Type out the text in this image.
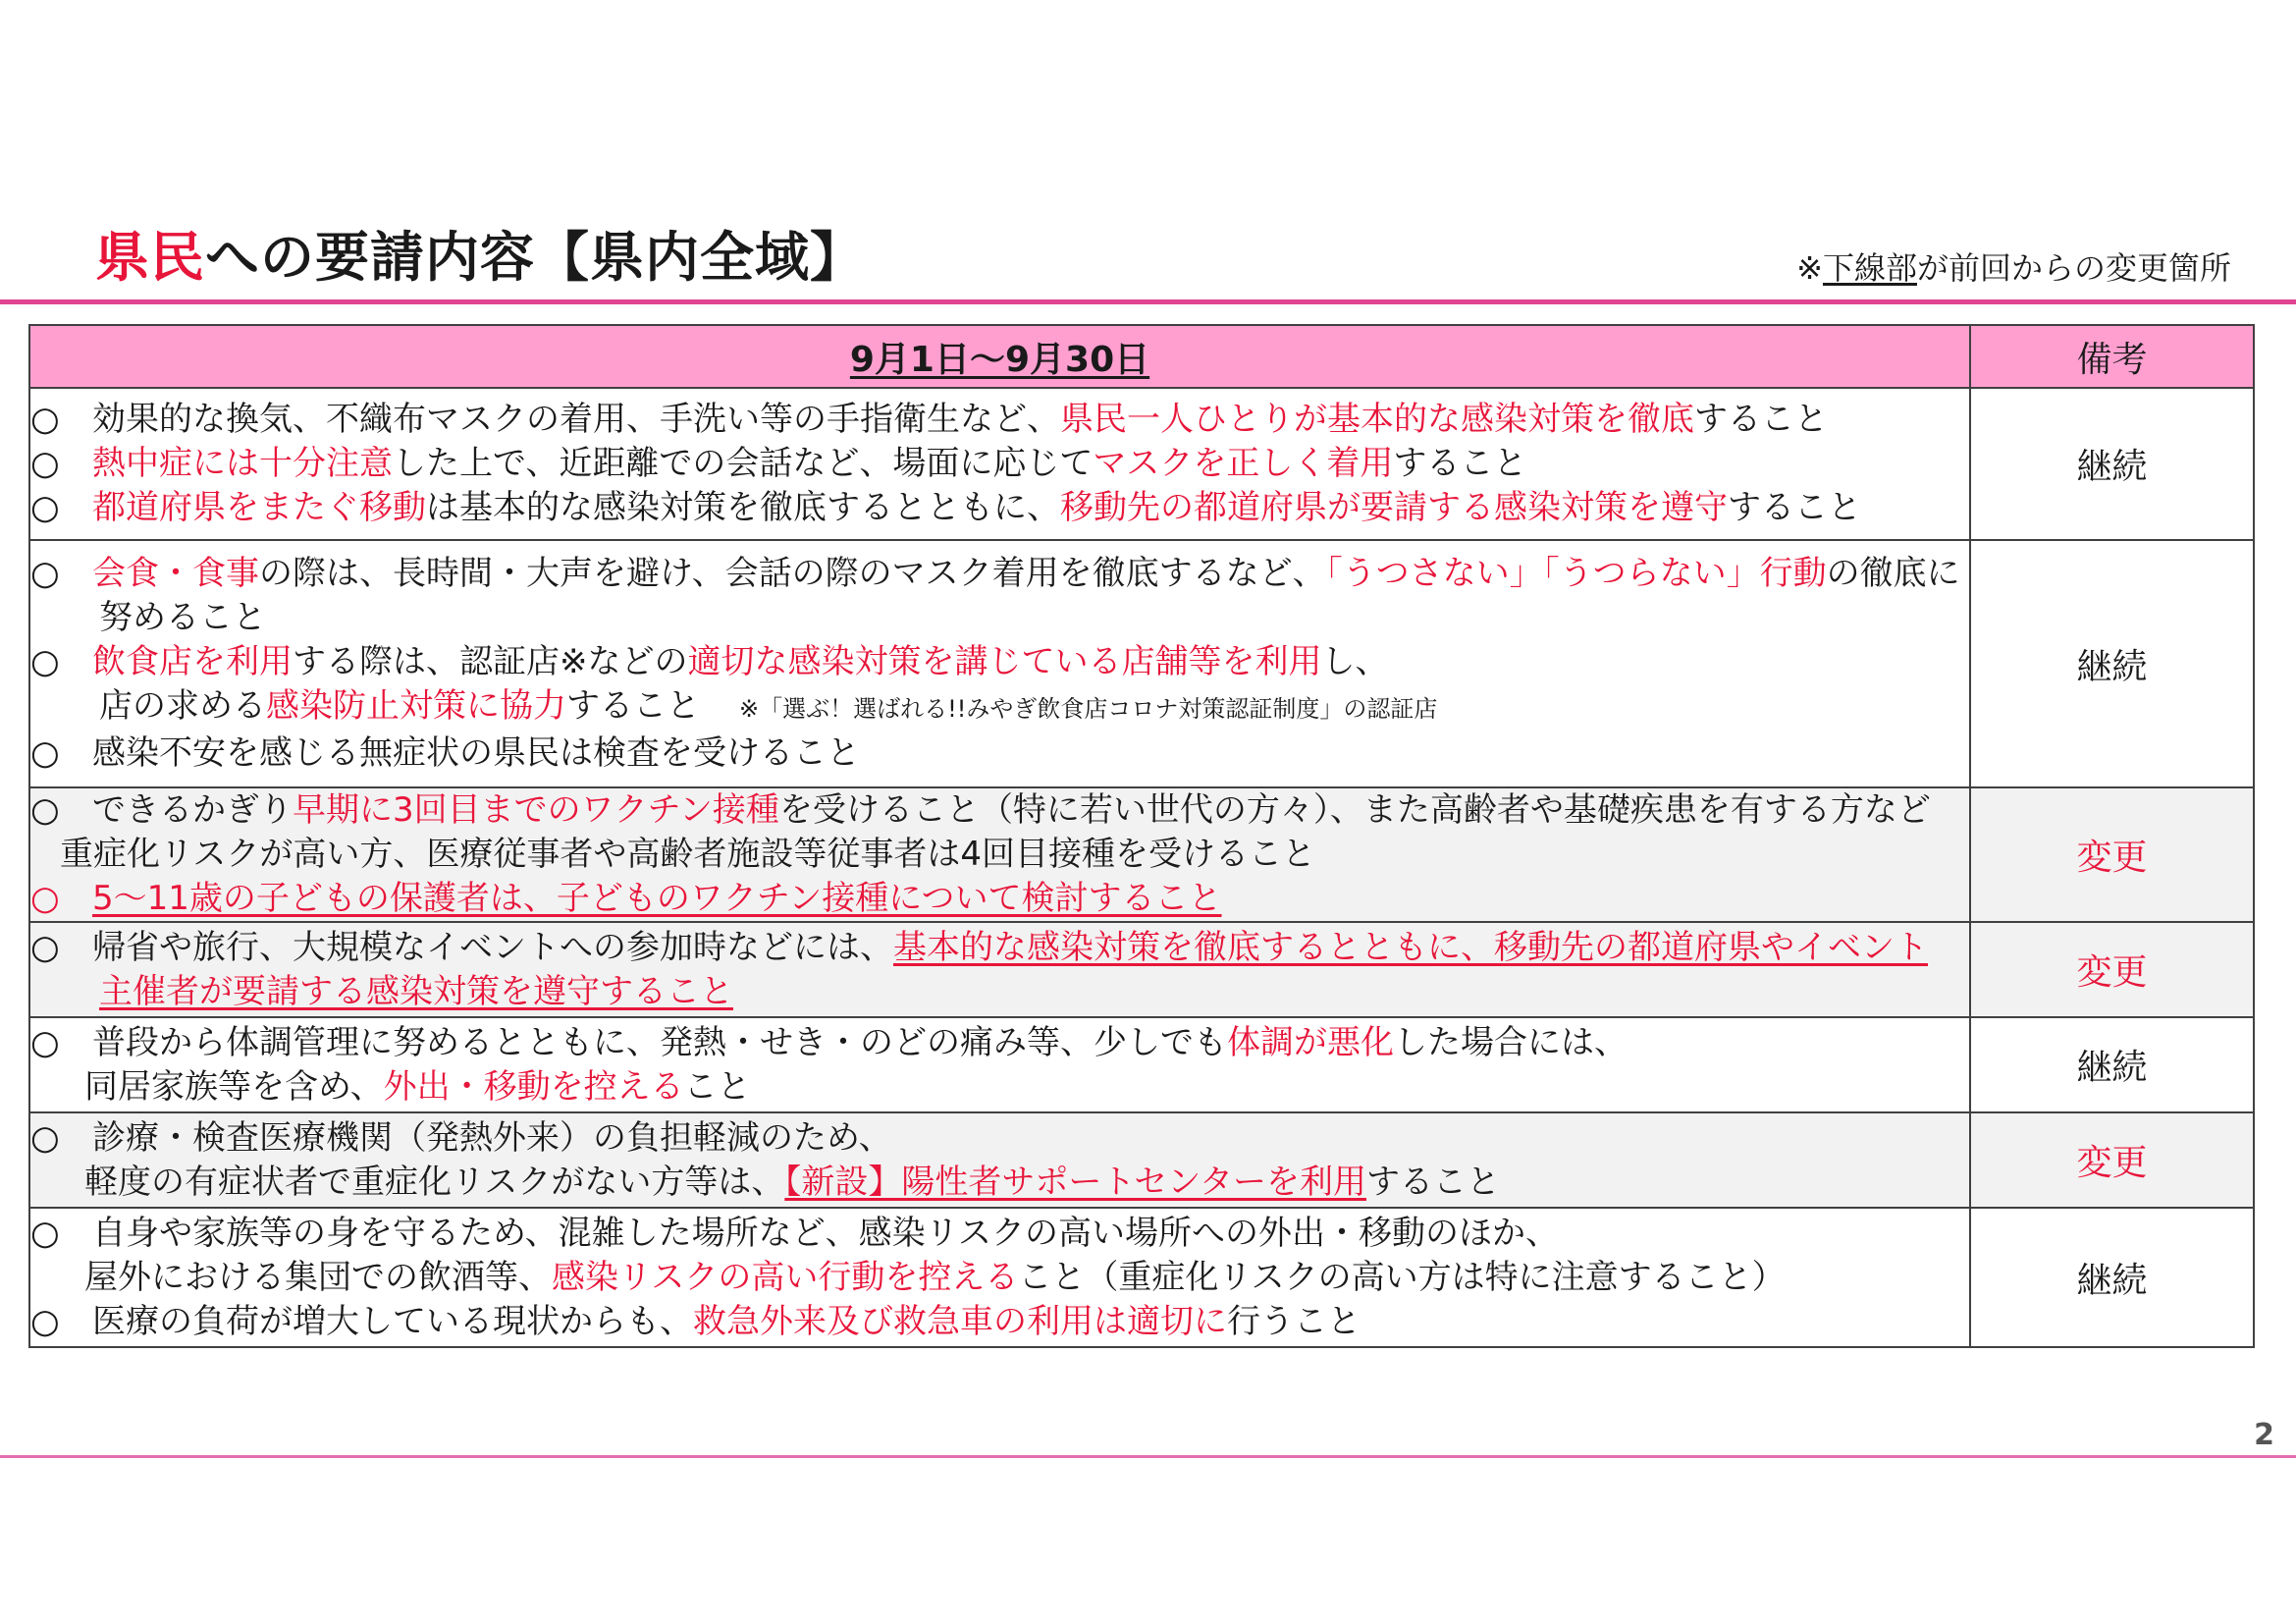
県民への要請内容【県内全域】	※下線部が前回からの変更箇所
9月1日～9月30日	備考

○ 効果的な換気、不織布マスクの着用、手洗い等の手指衛生など、県民一人ひとりが基本的な感染対策を徹底すること
○ 熱中症には十分注意した上で、近距離での会話など、場面に応じてマスクを正しく着用すること
○ 都道府県をまたぐ移動は基本的な感染対策を徹底するとともに、移動先の都道府県が要請する感染対策を遵守すること	継続

○ 会食・食事の際は、長時間・大声を避け、会話の際のマスク着用を徹底するなど、「うつさない」「うつらない」行動の徹底に
努めること
○ 飲食店を利用する際は、認証店※などの適切な感染対策を講じている店舗等を利用し、
店の求める感染防止対策に協力すること ※「選ぶ！選ばれる!!みやぎ飲食店コロナ対策認証制度」の認証店
○ 感染不安を感じる無症状の県民は検査を受けること	継続

○ できるかぎり早期に3回目までのワクチン接種を受けること（特に若い世代の方々）、また高齢者や基礎疾患を有する方など
重症化リスクが高い方、医療従事者や高齢者施設等従事者は4回目接種を受けること
○ 5～11歳の子どもの保護者は、子どものワクチン接種について検討すること	変更

○ 帰省や旅行、大規模なイベントへの参加時などには、基本的な感染対策を徹底するとともに、移動先の都道府県やイベント
主催者が要請する感染対策を遵守すること	変更

○ 普段から体調管理に努めるとともに、発熱・せき・のどの痛み等、少しでも体調が悪化した場合には、
同居家族等を含め、外出・移動を控えること	継続

○ 診療・検査医療機関（発熱外来）の負担軽減のため、
軽度の有症状者で重症化リスクがない方等は、【新設】陽性者サポートセンターを利用すること	変更

○ 自身や家族等の身を守るため、混雑した場所など、感染リスクの高い場所への外出・移動のほか、
屋外における集団での飲酒等、感染リスクの高い行動を控えること（重症化リスクの高い方は特に注意すること）
○ 医療の負荷が増大している現状からも、救急外来及び救急車の利用は適切に行うこと	継続
2
